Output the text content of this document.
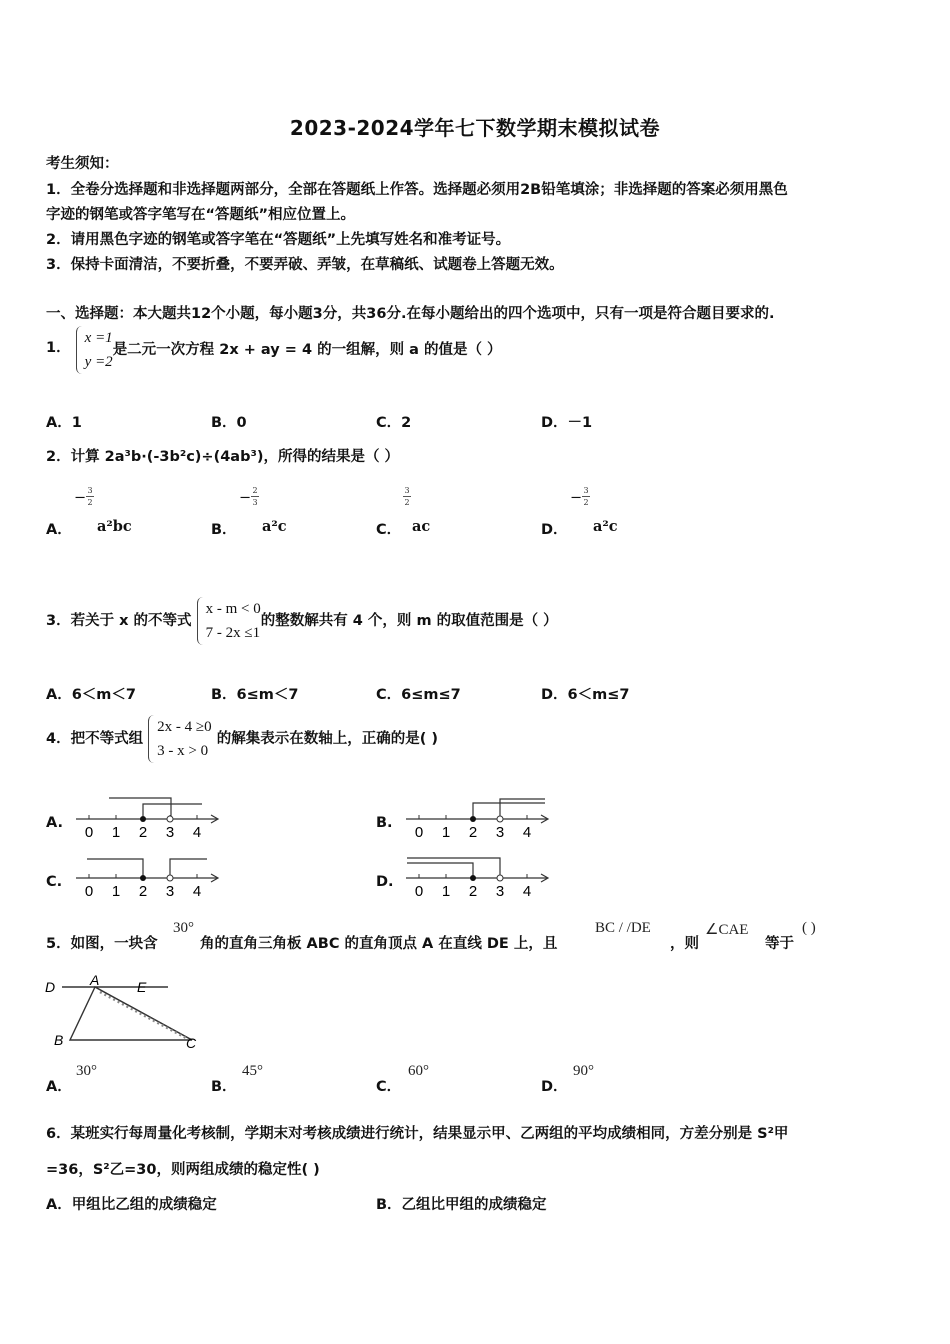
2023-2024学年七下数学期末模拟试卷
考生须知：
1．全卷分选择题和非选择题两部分，全部在答题纸上作答。选择题必须用2B铅笔填涂；非选择题的答案必须用黑色
字迹的钢笔或答字笔写在“答题纸”相应位置上。
2．请用黑色字迹的钢笔或答字笔在“答题纸”上先填写姓名和准考证号。
3．保持卡面清洁，不要折叠，不要弄破、弄皱，在草稿纸、试题卷上答题无效。
一、选择题：本大题共12个小题，每小题3分，共36分.在每小题给出的四个选项中，只有一项是符合题目要求的.
1．
x =1
y =2
是二元一次方程 2x + ay = 4 的一组解，则 a 的值是（ ）
A．1	B．0	C．2	D．－1
2．计算 2a³b·(-3b²c)÷(4ab³)，所得的结果是（ ）
A．
− 3
2
a²bc	B．
− 2
3
a²c	C．
3
2
ac	D．
− 3
2
a²c
3．若关于 x 的不等式
x - m < 0
7 - 2x ≤1
的整数解共有 4 个，则 m 的取值范围是（ ）
A．6＜m＜7	B．6≤m＜7	C．6≤m≤7	D．6＜m≤7
4．把不等式组
2x - 4 ≥0
3 - x > 0
的解集表示在数轴上，正确的是( )
A.	B.
C.	D.
0 1 2 3 4	0 1 2 3 4
0 1 2 3 4	0 1 2 3 4
5．如图，一块含
30°
角的直角三角板 ABC 的直角顶点 A 在直线 DE 上，且
BC / /DE
，则
∠CAE
等于
( )
D A	E
B	C
A．
30°
B．
45°
C．
60°
D．
90°
6．某班实行每周量化考核制，学期末对考核成绩进行统计，结果显示甲、乙两组的平均成绩相同，方差分别是 S²甲
=36，S²乙=30，则两组成绩的稳定性( )
A．甲组比乙组的成绩稳定	B．乙组比甲组的成绩稳定
